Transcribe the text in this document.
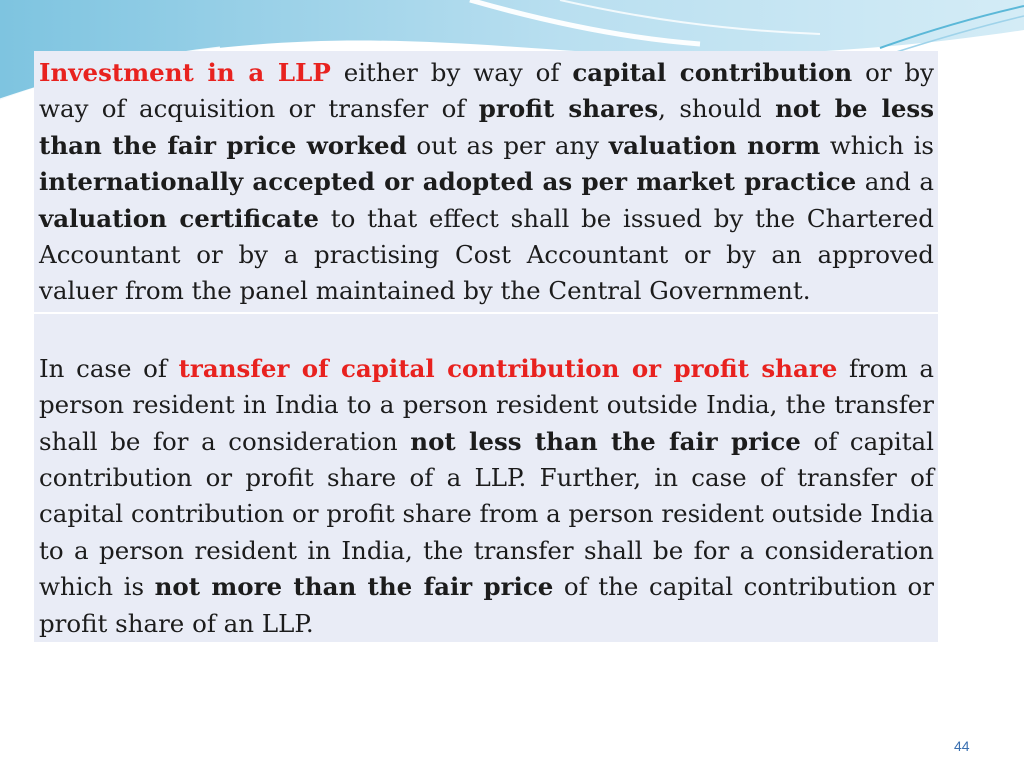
Investment in a LLP either by way of capital contribution or by way of acquisition or transfer of profit shares, should not be less than the fair price worked out as per any valuation norm which is internationally accepted or adopted as per market practice and a valuation certificate to that effect shall be issued by the Chartered Accountant or by a practising Cost Accountant or by an approved valuer from the panel maintained by the Central Government.
In case of transfer of capital contribution or profit share from a person resident in India to a person resident outside India, the transfer shall be for a consideration not less than the fair price of capital contribution or profit share of a LLP. Further, in case of transfer of capital contribution or profit share from a person resident outside India to a person resident in India, the transfer shall be for a consideration which is not more than the fair price of the capital contribution or profit share of an LLP.
44
